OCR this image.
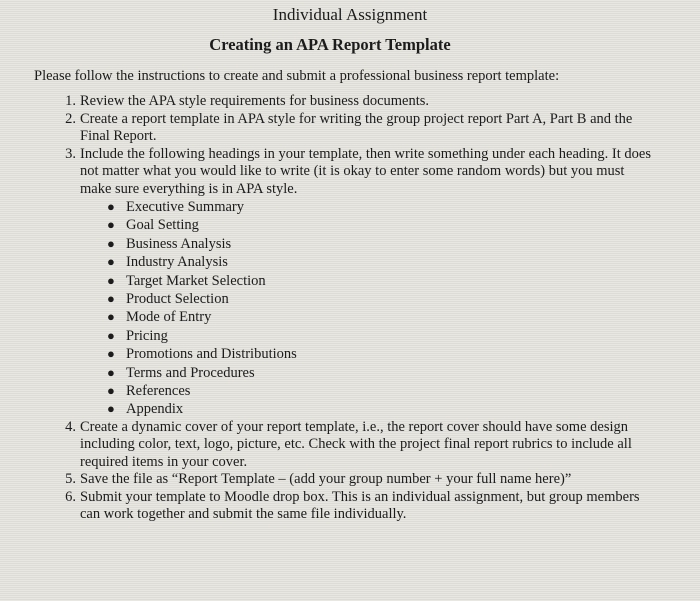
Individual Assignment
Creating an APA Report Template
Please follow the instructions to create and submit a professional business report template:
1. Review the APA style requirements for business documents.
2. Create a report template in APA style for writing the group project report Part A, Part B and the Final Report.
3. Include the following headings in your template, then write something under each heading. It does not matter what you would like to write (it is okay to enter some random words) but you must make sure everything is in APA style.
● Executive Summary
● Goal Setting
● Business Analysis
● Industry Analysis
● Target Market Selection
● Product Selection
● Mode of Entry
● Pricing
● Promotions and Distributions
● Terms and Procedures
● References
● Appendix
4. Create a dynamic cover of your report template, i.e., the report cover should have some design including color, text, logo, picture, etc. Check with the project final report rubrics to include all required items in your cover.
5. Save the file as “Report Template – (add your group number + your full name here)”
6. Submit your template to Moodle drop box. This is an individual assignment, but group members can work together and submit the same file individually.
